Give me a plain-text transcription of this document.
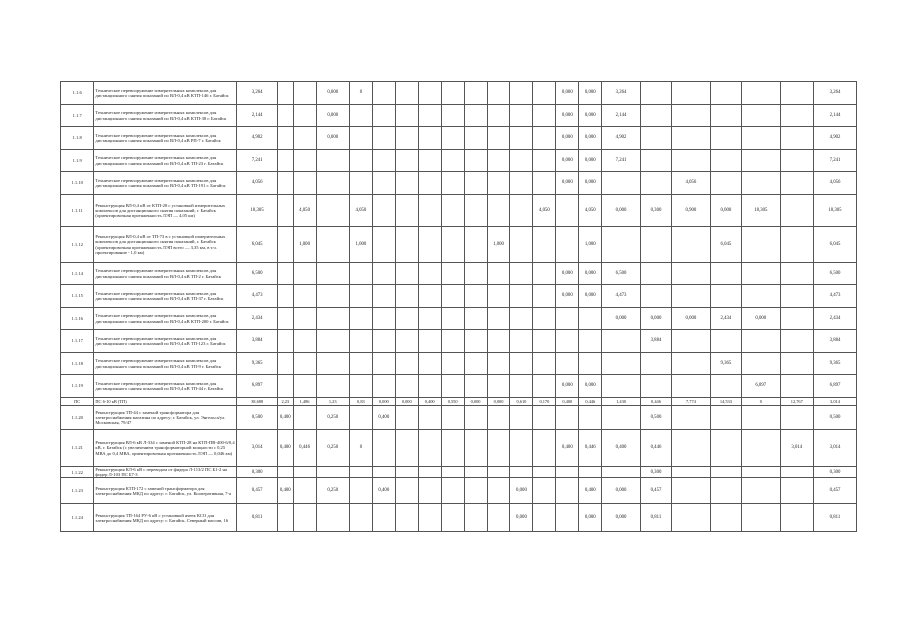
1.1.6	Техническое перевооружение измерительных комплексов для дистанционного снятия показаний по ВЛ-0,4 кВ КТП-146 г. Батайск	3,264			0,000	0									0,000	0,000	3,264						3,264
1.1.7	Техническое перевооружение измерительных комплексов для дистанционного снятия показаний по ВЛ-0,4 кВ КТП-38 г. Батайск	2,144			0,000										0,000	0,000	2,144						2,144
1.1.8	Техническое перевооружение измерительных комплексов для дистанционного снятия показаний по ВЛ-0,4 кВ РП-7 г. Батайск	4,902			0,000										0,000	0,000	4,902						4,902
1.1.9	Техническое перевооружение измерительных комплексов для дистанционного снятия показаний по ВЛ-0,4 кВ ТП-23 г. Батайск	7,241													0,000	0,000	7,241						7,241
1.1.10	Техническое перевооружение измерительных комплексов для дистанционного снятия показаний по ВЛ-0,4 кВ ТП-191 г. Батайск	4,056													0,000	0,000			4,056				4,056
1.1.11	Реконструкция ВЛ-0,4 кВ от КТП-28 с установкой измерительных комплексов для дистанционного снятия показаний, г. Батайск (ориентировочная протяженность ЛЭП — 4,05 км)	18,305		4,050		4,050								4,050		4,050	0,000	0,300	0,900	0,000	18,305		18,305
1.1.12	Реконструкция ВЛ-0,4 кВ от ТП-73 в с установкой измерительных комплексов для дистанционного снятия показаний, г. Батайск (ориентировочная протяженность ЛЭП всего — 3,35 км, в т.ч. проектирование - 1,0 км)	6,045		1,000		1,000						1,000				1,000				6,045			6,045
1.1.14	Техническое перевооружение измерительных комплексов для дистанционного снятия показаний по ВЛ-0,4 кВ ТП-2 г. Батайск	6,500													0,000	0,000	6,500						6,500
1.1.15	Техническое перевооружение измерительных комплексов для дистанционного снятия показаний по ВЛ-0,4 кВ ТП-37 г. Батайск	4,473													0,000	0,000	4,473						4,473
1.1.16	Техническое перевооружение измерительных комплексов для дистанционного снятия показаний по ВЛ-0,4 кВ КТП-200 г. Батайск	2,434															0,000	0,000	0,000	2,434	0,000		2,434
1.1.17	Техническое перевооружение измерительных комплексов для дистанционного снятия показаний по ВЛ-0,4 кВ ТП-123 г. Батайск	3,884																3,884					3,884
1.1.18	Техническое перевооружение измерительных комплексов для дистанционного снятия показаний по ВЛ-0,4 кВ ТП-9 г. Батайск	9,365																		9,365			9,365
1.1.19	Техническое перевооружение измерительных комплексов для дистанционного снятия показаний по ВЛ-0,4 кВ ТП-44 г. Батайск	6,897													0,000	0,000					6,897		6,897
ПС	ПС 6-10 кВ (ТП)	38,688	2,23	1,486	1,23	0,83	0,000	0,000	0,400	0,550	0,000	0,000	0,610	0,170	0,400	0,446	1,430	0,446	7,774	14,533	0	12,767	3,014
1.1.20	Реконструкция ТП-44 с заменой трансформатора для электроснабжения магазина по адресу: г. Батайск, ул. Энгельса/ул. Московская, 79/47	0,500	0,400		0,250		0,400											0,500					0,500
1.1.21	Реконструкция ВЛ-6 кВ Л-334 с заменой КТП-28 на КТП-ПВ-400-6/0,4 кВ, г. Батайск (с увеличением трансформаторной мощности с 0,25 МВА до 0,4 МВА, ориентировочная протяженность ЛЭП — 0,046 км)	3,014	0,400	0,446	0,250	0									0,400	0,446	0,400	0,446				3,014	3,014
1.1.22	Реконструкция КЛ-6 кВ с переводом от фидера Л-113/2 ПС Б1-2 на фидер Л-103 ПС Б7-3	0,300																0,300					0,300
1.1.23	Реконструкция КТП-172 с заменой трансформатора для электроснабжения МКД по адресу: г. Батайск, ул. Кооперативная, 7-а	0,457	0,400		0,250		0,400						0,000			0,400	0,000	0,457					0,457
1.1.24	Реконструкция ТП-164 РУ-6 кВ с установкой ячеек КСО для электроснабжения МКД по адресу: г. Батайск, Северный массив, 16	0,811											0,000			0,000	0,000	0,811					0,811
